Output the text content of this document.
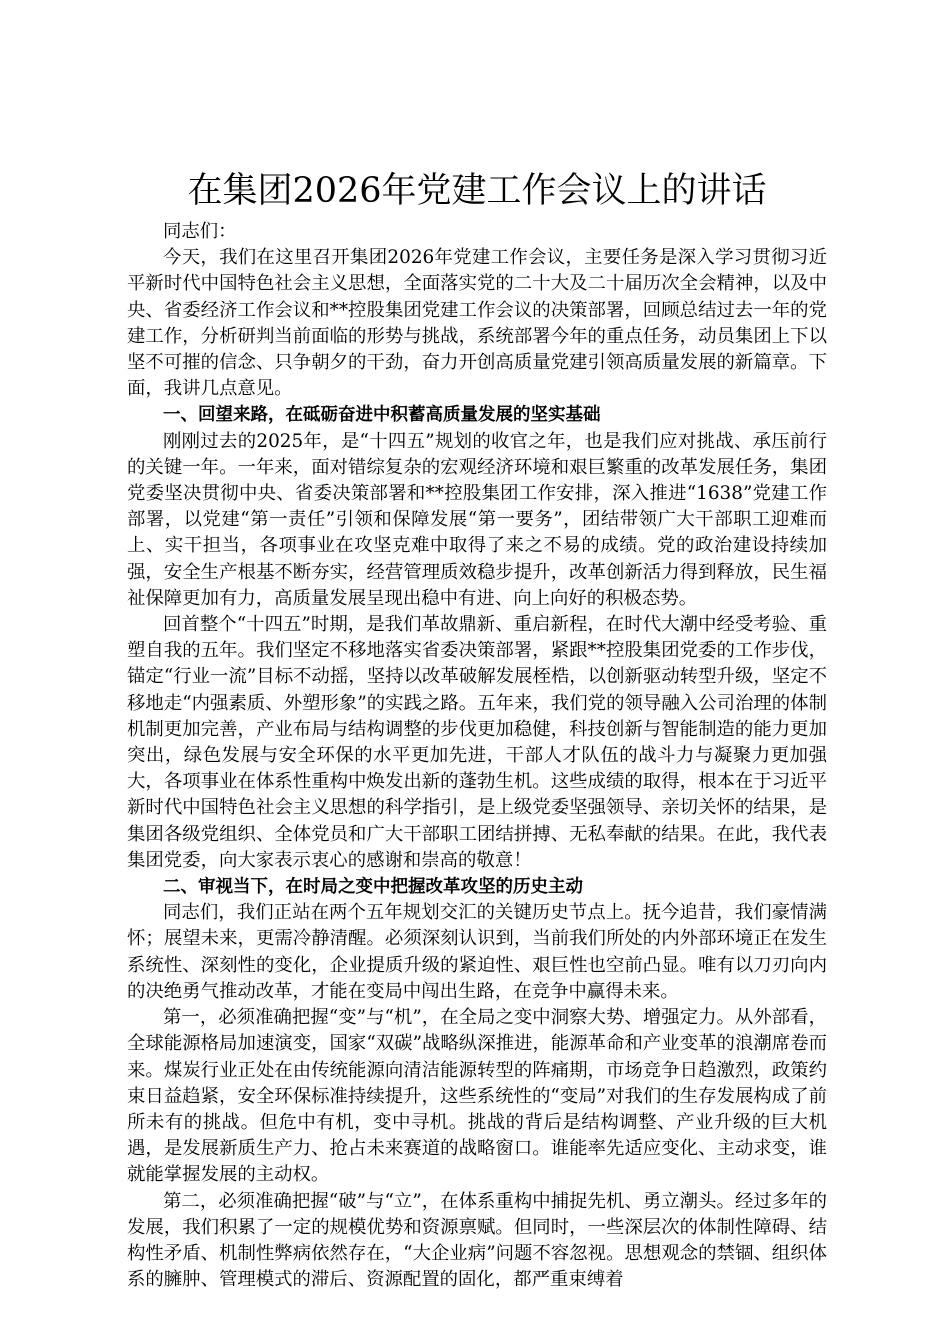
在集团2026年党建工作会议上的讲话

同志们：

今天，我们在这里召开集团2026年党建工作会议，主要任务是深入学习贯彻习近平新时代中国特色社会主义思想，全面落实党的二十大及二十届历次全会精神，以及中央、省委经济工作会议和**控股集团党建工作会议的决策部署，回顾总结过去一年的党建工作，分析研判当前面临的形势与挑战，系统部署今年的重点任务，动员集团上下以坚不可摧的信念、只争朝夕的干劲，奋力开创高质量党建引领高质量发展的新篇章。下面，我讲几点意见。

一、回望来路，在砥砺奋进中积蓄高质量发展的坚实基础

刚刚过去的2025年，是“十四五”规划的收官之年，也是我们应对挑战、承压前行的关键一年。一年来，面对错综复杂的宏观经济环境和艰巨繁重的改革发展任务，集团党委坚决贯彻中央、省委决策部署和**控股集团工作安排，深入推进“1638”党建工作部署，以党建“第一责任”引领和保障发展“第一要务”，团结带领广大干部职工迎难而上、实干担当，各项事业在攻坚克难中取得了来之不易的成绩。党的政治建设持续加强，安全生产根基不断夯实，经营管理质效稳步提升，改革创新活力得到释放，民生福祉保障更加有力，高质量发展呈现出稳中有进、向上向好的积极态势。

回首整个“十四五”时期，是我们革故鼎新、重启新程，在时代大潮中经受考验、重塑自我的五年。我们坚定不移地落实省委决策部署，紧跟**控股集团党委的工作步伐，锚定“行业一流”目标不动摇，坚持以改革破解发展桎梏，以创新驱动转型升级，坚定不移地走“内强素质、外塑形象”的实践之路。五年来，我们党的领导融入公司治理的体制机制更加完善，产业布局与结构调整的步伐更加稳健，科技创新与智能制造的能力更加突出，绿色发展与安全环保的水平更加先进，干部人才队伍的战斗力与凝聚力更加强大，各项事业在体系性重构中焕发出新的蓬勃生机。这些成绩的取得，根本在于习近平新时代中国特色社会主义思想的科学指引，是上级党委坚强领导、亲切关怀的结果，是集团各级党组织、全体党员和广大干部职工团结拼搏、无私奉献的结果。在此，我代表集团党委，向大家表示衷心的感谢和崇高的敬意！

二、审视当下，在时局之变中把握改革攻坚的历史主动

同志们，我们正站在两个五年规划交汇的关键历史节点上。抚今追昔，我们豪情满怀；展望未来，更需冷静清醒。必须深刻认识到，当前我们所处的内外部环境正在发生系统性、深刻性的变化，企业提质升级的紧迫性、艰巨性也空前凸显。唯有以刀刃向内的决绝勇气推动改革，才能在变局中闯出生路，在竞争中赢得未来。

第一，必须准确把握“变”与“机”，在全局之变中洞察大势、增强定力。从外部看，全球能源格局加速演变，国家“双碳”战略纵深推进，能源革命和产业变革的浪潮席卷而来。煤炭行业正处在由传统能源向清洁能源转型的阵痛期，市场竞争日趋激烈，政策约束日益趋紧，安全环保标准持续提升，这些系统性的“变局”对我们的生存发展构成了前所未有的挑战。但危中有机，变中寻机。挑战的背后是结构调整、产业升级的巨大机遇，是发展新质生产力、抢占未来赛道的战略窗口。谁能率先适应变化、主动求变，谁就能掌握发展的主动权。

第二，必须准确把握“破”与“立”，在体系重构中捕捉先机、勇立潮头。经过多年的发展，我们积累了一定的规模优势和资源禀赋。但同时，一些深层次的体制性障碍、结构性矛盾、机制性弊病依然存在，“大企业病”问题不容忽视。思想观念的禁锢、组织体系的臃肿、管理模式的滞后、资源配置的固化，都严重束缚着
